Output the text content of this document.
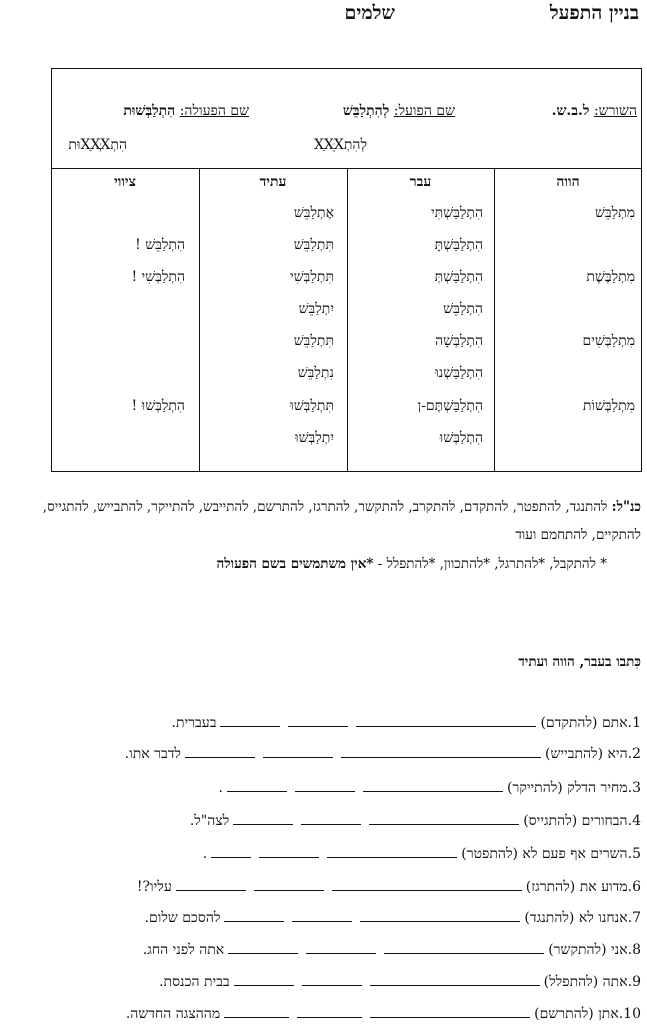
בניין התפעל
שלמים
השורש: ל.ב.ש.
שם הפועל: לְהִתְלַבֵּשׁ
לְהִתְXַXֵּX
שם הפעולה: הִתְלַבְּשׁוּת
הִתְXַXְּXוּת
הווה
עבר
עתיד
ציווי
מִתְלַבֵּשׁ
מִתְלַבֶּשֶׁת
מִתְלַבְּשִׁים
מִתְלַבְּשׁוֹת
הִתְלַבַּשְׁתִּי
הִתְלַבַּשְׁתָּ
הִתְלַבַּשְׁתְּ
הִתְלַבֵּשׁ
הִתְלַבְּשָׁה
הִתְלַבַּשְׁנוּ
הִתְלַבַּשְׁתֶּם-ן
הִתְלַבְּשׁוּ
אֶתְלַבֵּשׁ
תִּתְלַבֵּשׁ
תִּתְלַבְּשִׁי
יִתְלַבֵּשׁ
תִּתְלַבֵּשׁ
נִתְלַבֵּשׁ
תִּתְלַבְּשׁוּ
יִתְלַבְּשׁוּ
הִתְלַבֵּשׁ !
הִתְלַבְּשִׁי !
הִתְלַבְּשׁוּ !
כנ"ל: להתנגד, להתפטר, להתקדם, להתקרב, להתקשר, להתרגז, להתרשם, להתייבש, להתייקר, להתבייש, להתגייס, להתקיים, להתחמם ועוד
* להתקבל, *להתרגל, *להתכוון, *להתפלל - *אין משתמשים בשם הפעולה
כִּתבו בעבר, הווה ועתיד
1.אתם (להתקדם)בעברית.
2.היא (להתבייש)לדבר אתו.
3.מחיר הדלק (להתייקר).
4.הבחורים (להתגייס)לצה"ל.
5.השרים אף פעם לא (להתפטר).
6.מדוע את (להתרגז)עליו?!
7.אנחנו לא (להתנגד)להסכם שלום.
8.אני (להתקשר)אתה לפני החג.
9.אתה (להתפלל)בבית הכנסת.
10.אתן (להתרשם)מההצגה החדשה.
